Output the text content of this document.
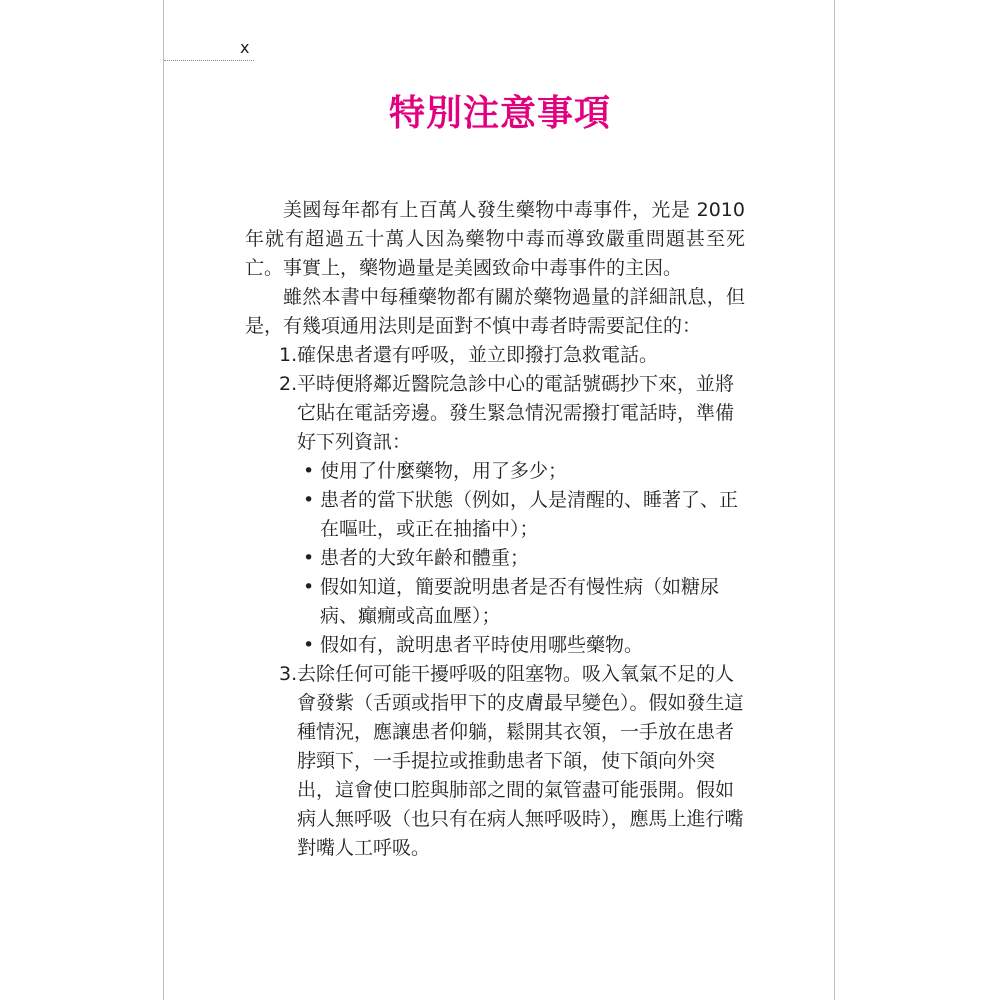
x
特別注意事項

美國每年都有上百萬人發生藥物中毒事件，光是 2010 年就有超過五十萬人因為藥物中毒而導致嚴重問題甚至死亡。事實上，藥物過量是美國致命中毒事件的主因。

雖然本書中每種藥物都有關於藥物過量的詳細訊息，但是，有幾項通用法則是面對不慎中毒者時需要記住的：

1. 確保患者還有呼吸，並立即撥打急救電話。
2. 平時便將鄰近醫院急診中心的電話號碼抄下來，並將它貼在電話旁邊。發生緊急情況需撥打電話時，準備好下列資訊：
• 使用了什麼藥物，用了多少；
• 患者的當下狀態（例如，人是清醒的、睡著了、正在嘔吐，或正在抽搐中）；
• 患者的大致年齡和體重；
• 假如知道，簡要說明患者是否有慢性病（如糖尿病、癲癇或高血壓）；
• 假如有，說明患者平時使用哪些藥物。
3. 去除任何可能干擾呼吸的阻塞物。吸入氧氣不足的人會發紫（舌頭或指甲下的皮膚最早變色）。假如發生這種情況，應讓患者仰躺，鬆開其衣領，一手放在患者脖頸下，一手提拉或推動患者下頜，使下頜向外突出，這會使口腔與肺部之間的氣管盡可能張開。假如病人無呼吸（也只有在病人無呼吸時），應馬上進行嘴對嘴人工呼吸。
